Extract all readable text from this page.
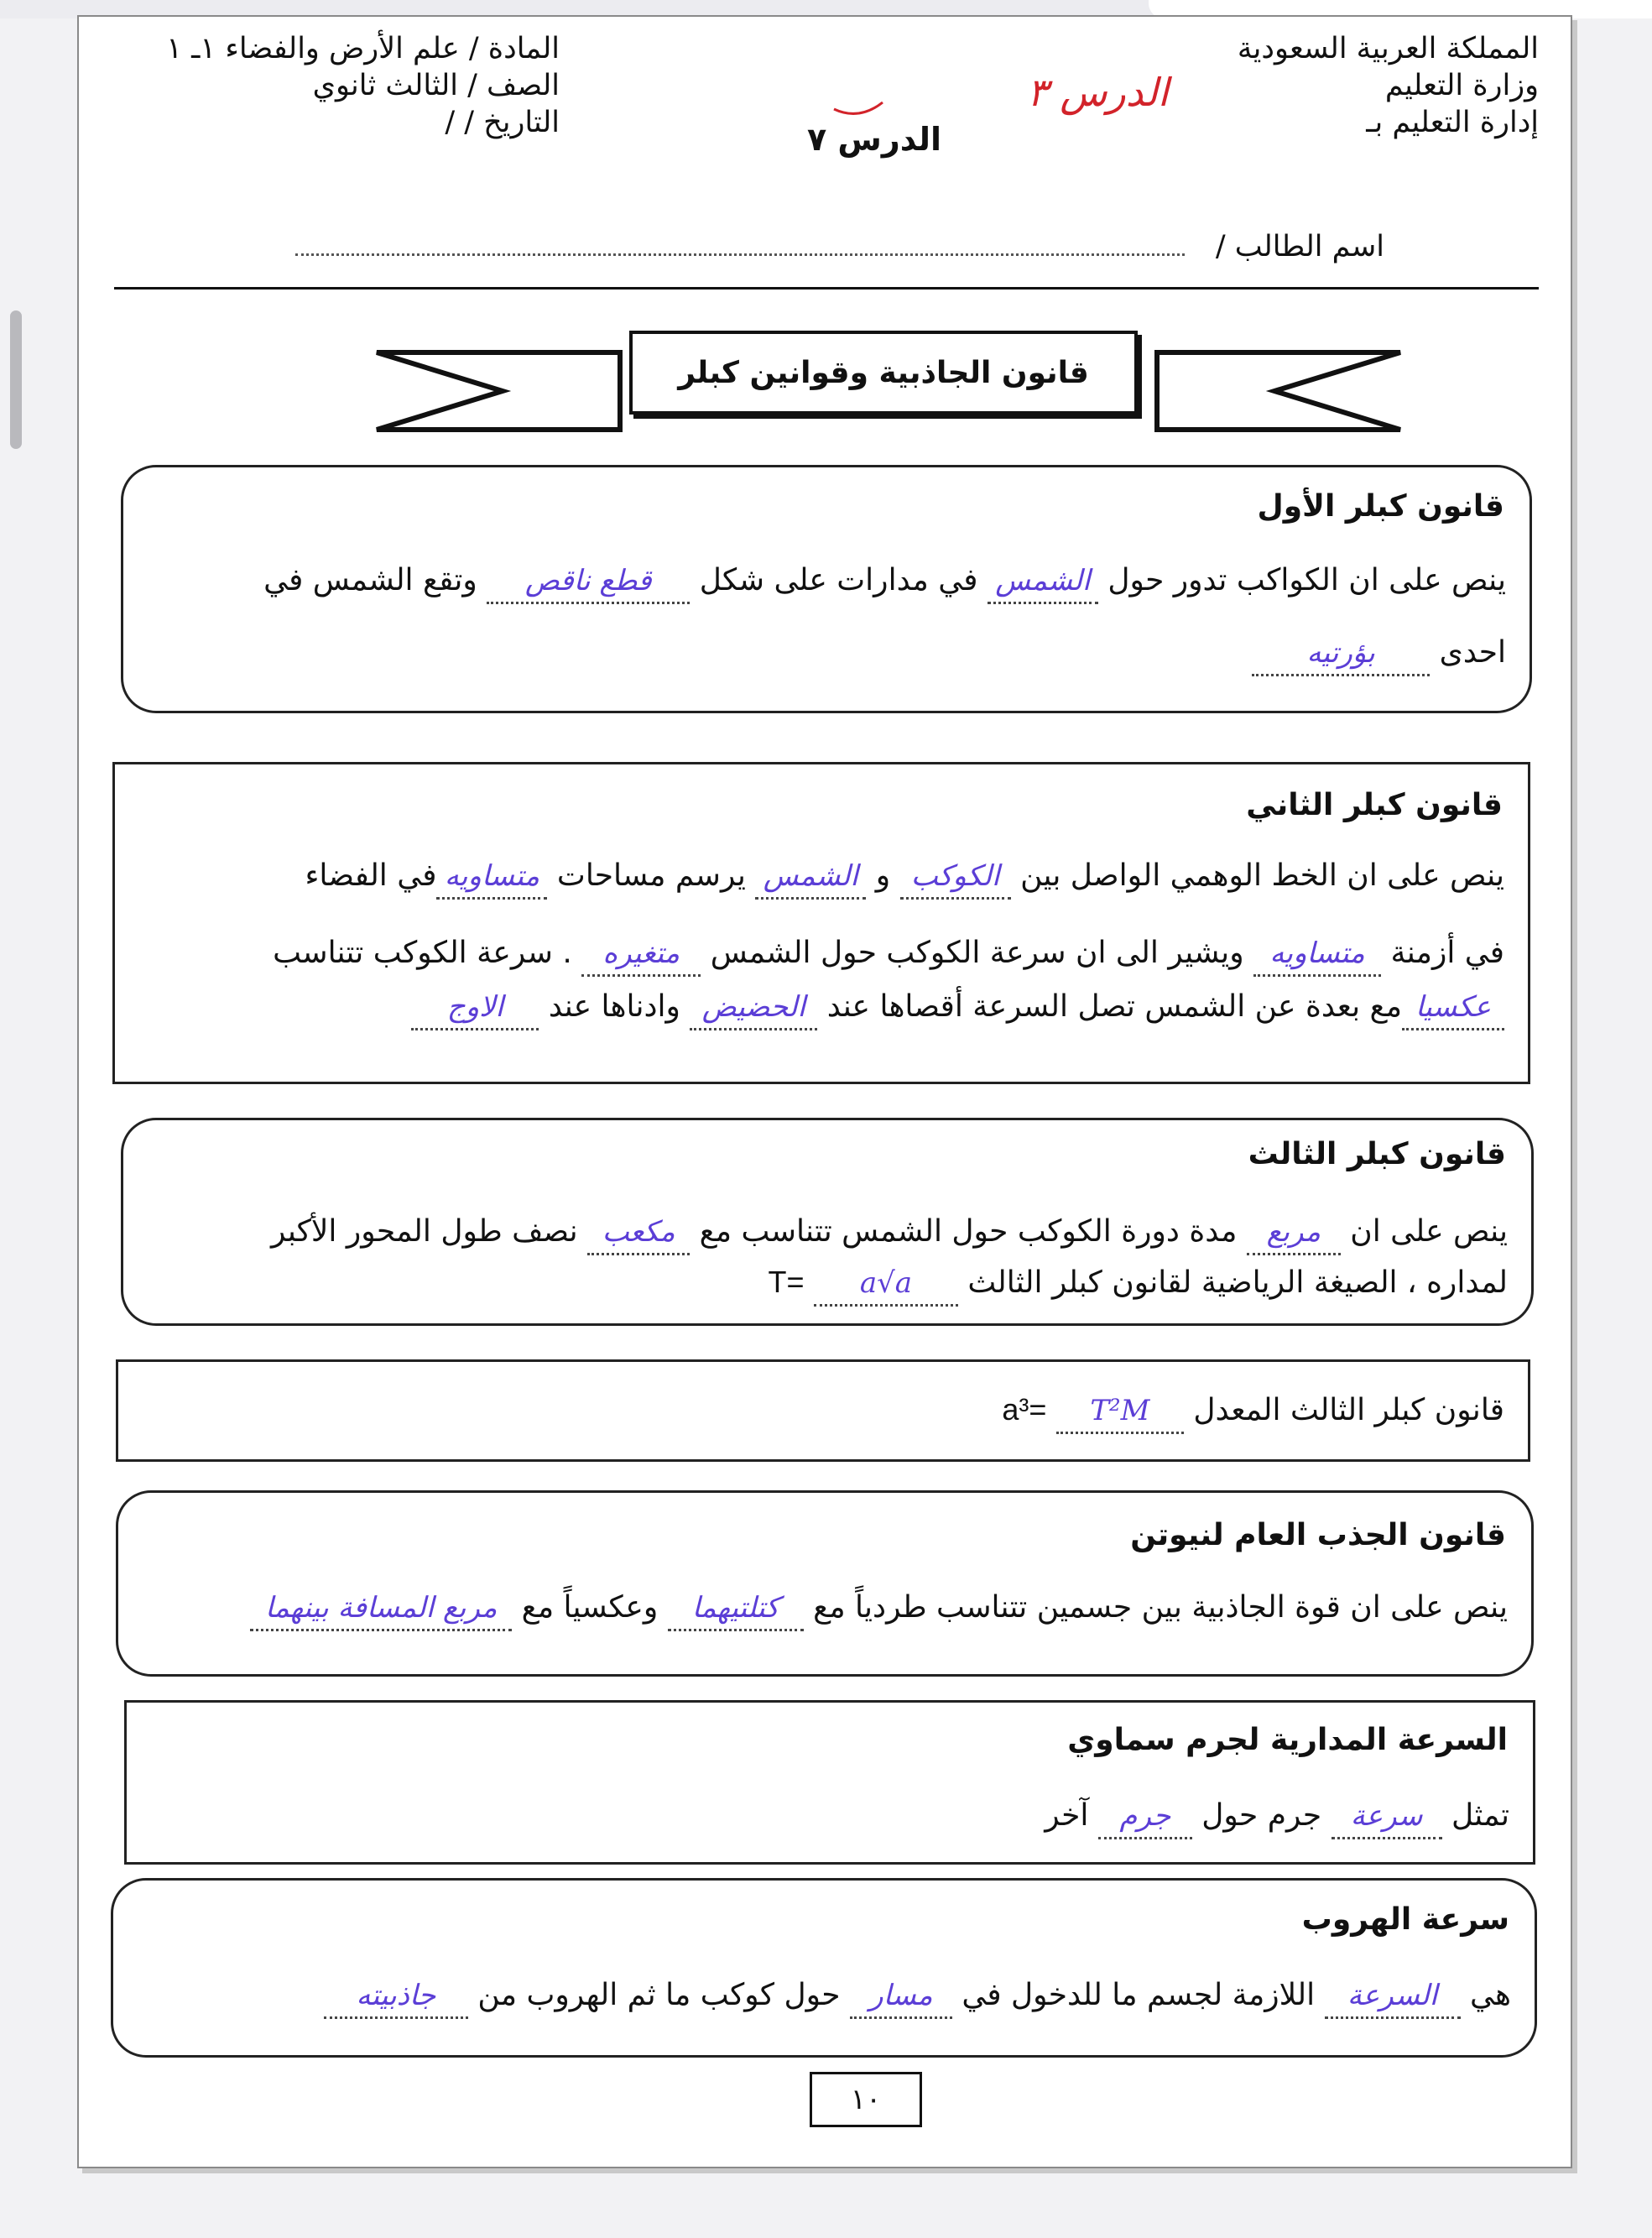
المملكة العربية السعودية
وزارة التعليم
إدارة التعليم بـ
المادة / علم الأرض والفضاء ١ـ ١
الصف / الثالث ثانوي
التاريخ / /
الدرس ٣
الدرس ٧
اسم الطالب /
قانون الجاذبية وقوانين كبلر
قانون كبلر الأول
ينص على ان الكواكب تدور حول الشمس في مدارات على شكل قطع ناقص وتقع الشمس في
احدى بؤرتيه
قانون كبلر الثاني
ينص على ان الخط الوهمي الواصل بين الكوكب و الشمس يرسم مساحات متساويهفي الفضاء
في أزمنة متساويه ويشير الى ان سرعة الكوكب حول الشمس متغيره . سرعة الكوكب تتناسب
عكسيامع بعدة عن الشمس تصل السرعة أقصاها عند الحضيض وادناها عند الاوج
قانون كبلر الثالث
ينص على ان مربع مدة دورة الكوكب حول الشمس تتناسب مع مكعب نصف طول المحور الأكبر
لمداره ، الصيغة الرياضية لقانون كبلر الثالث T= a√a
قانون كبلر الثالث المعدل a³= T²M
قانون الجذب العام لنيوتن
ينص على ان قوة الجاذبية بين جسمين تتناسب طردياً مع كتلتيهما وعكسياً مع مربع المسافة بينهما
السرعة المدارية لجرم سماوي
تمثل سرعة جرم حول جرم آخر
سرعة الهروب
هي السرعة اللازمة لجسم ما للدخول في مسار حول كوكب ما ثم الهروب من جاذبيته
١٠
